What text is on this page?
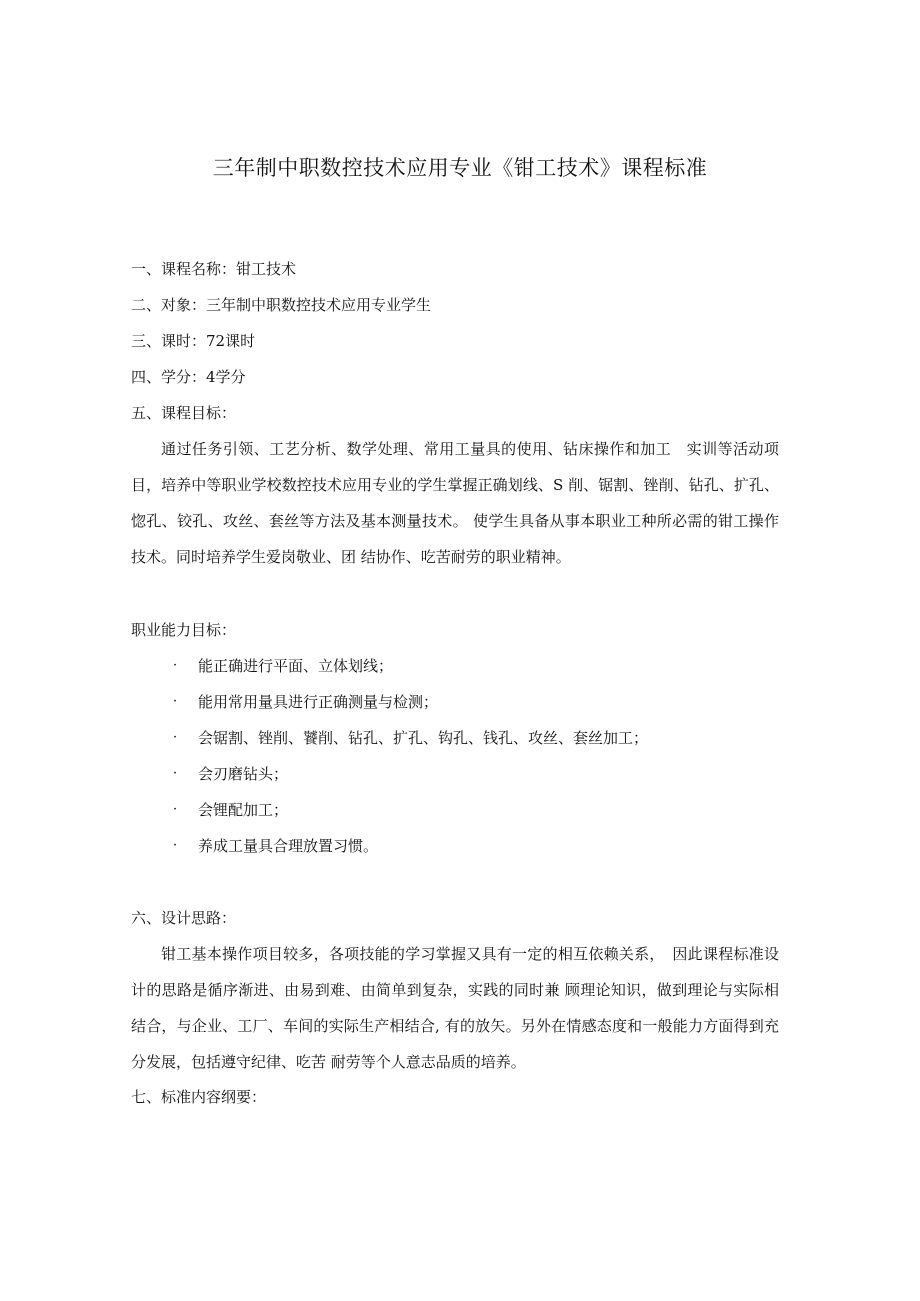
三年制中职数控技术应用专业《钳工技术》课程标准

一、课程名称：钳工技术

二、对象：三年制中职数控技术应用专业学生

三、课时：72课时

四、学分：4学分

五、课程目标：

通过任务引领、工艺分析、数学处理、常用工量具的使用、钻床操作和加工　实训等活动项目，培养中等职业学校数控技术应用专业的学生掌握正确划线、S 削、锯割、锉削、钻孔、扩孔、惚孔、铰孔、攻丝、套丝等方法及基本测量技术。 使学生具备从事本职业工种所必需的钳工操作技术。同时培养学生爱岗敬业、团 结协作、吃苦耐劳的职业精神。

职业能力目标：

· 能正确进行平面、立体划线；
· 能用常用量具进行正确测量与检测；
· 会锯割、锉削、饕削、钻孔、扩孔、钩孔、钱孔、攻丝、套丝加工；
· 会刃磨钻头；
· 会锂配加工；
· 养成工量具合理放置习惯。

六、设计思路：

钳工基本操作项目较多，各项技能的学习掌握又具有一定的相互依赖关系，　因此课程标准设计的思路是循序渐进、由易到难、由简单到复杂，实践的同时兼 顾理论知识，做到理论与实际相结合，与企业、工厂、车间的实际生产相结合, 有的放矢。另外在情感态度和一般能力方面得到充分发展，包括遵守纪律、吃苦 耐劳等个人意志品质的培养。

七、标准内容纲要：
